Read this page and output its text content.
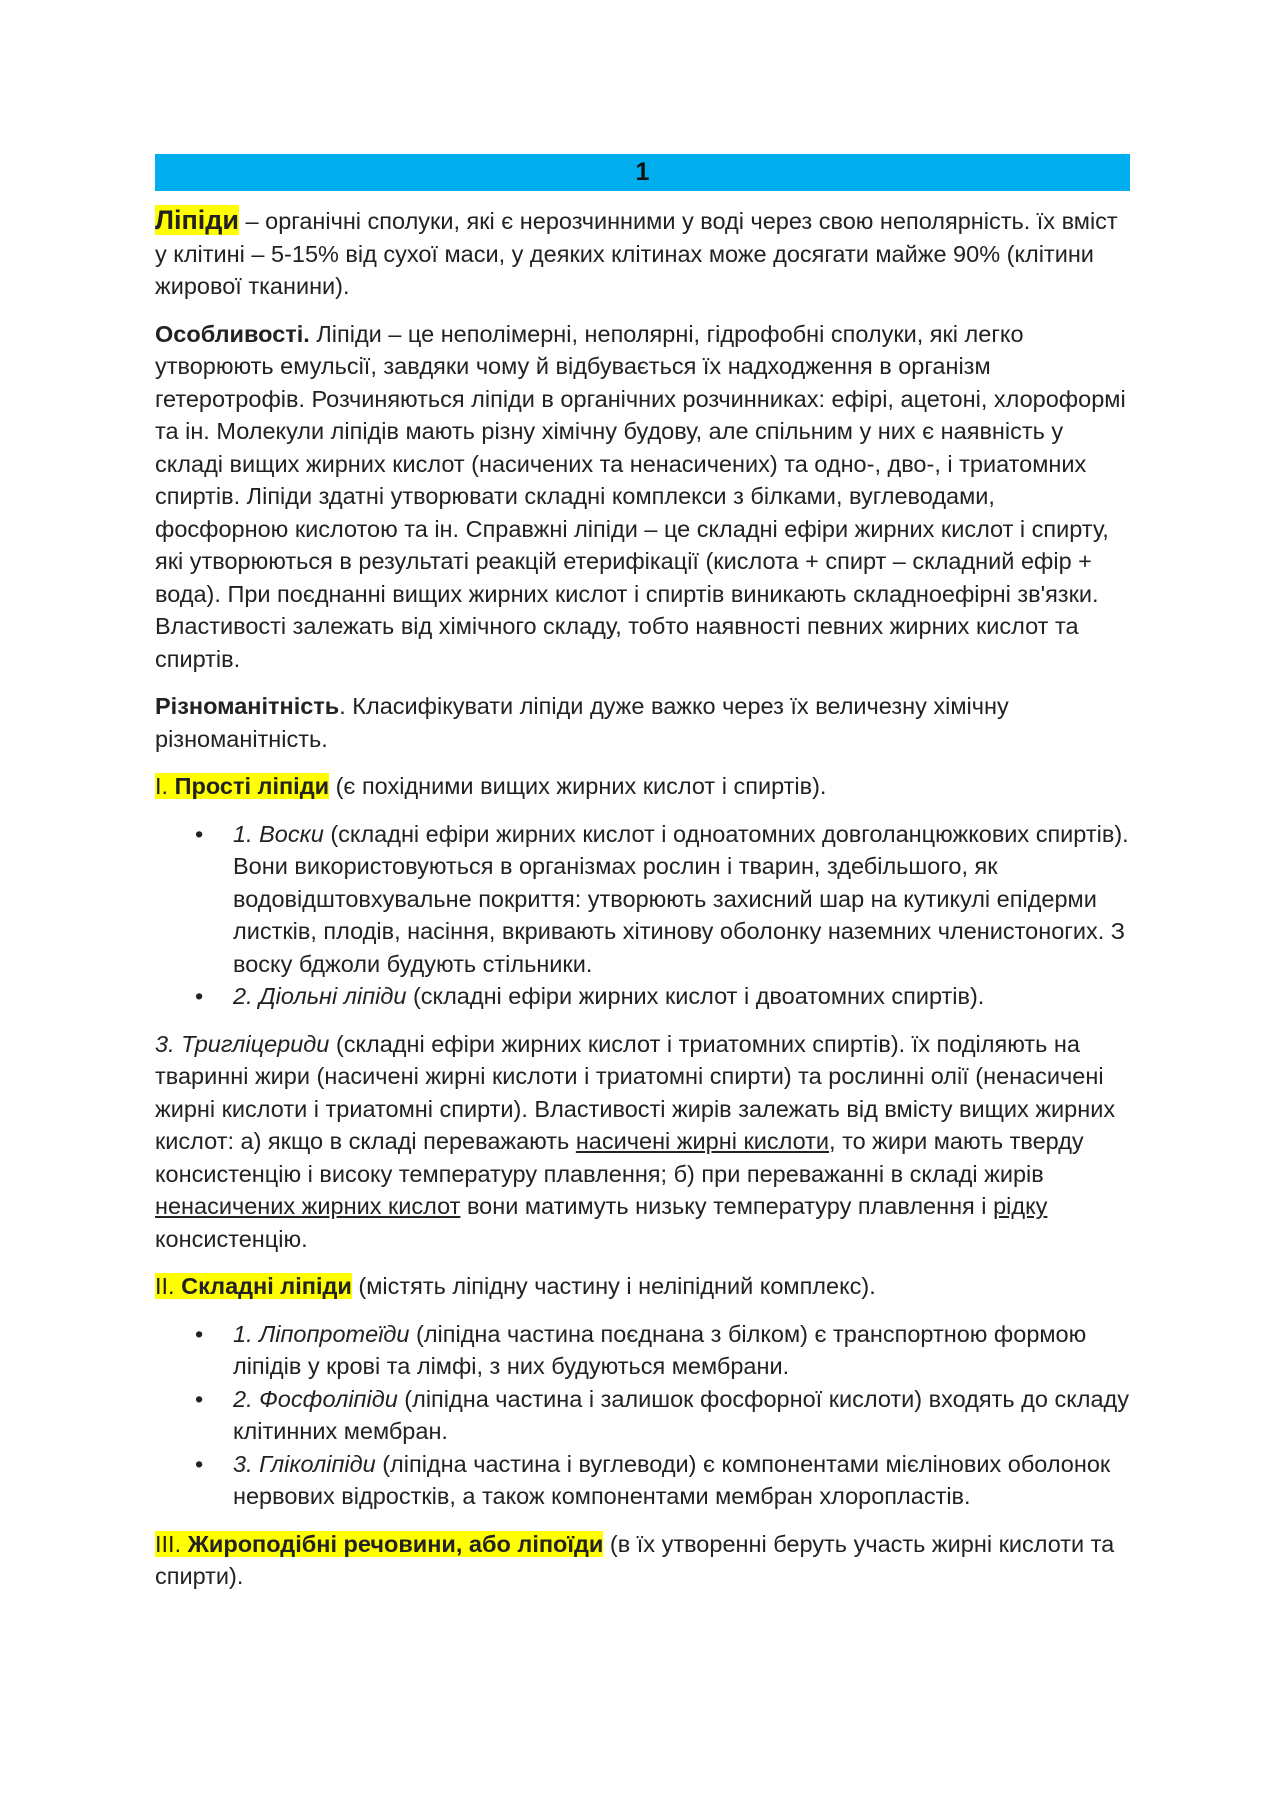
1

Ліпіди – органічні сполуки, які є нерозчинними у воді через свою неполярність. їх вміст у клітині – 5-15% від сухої маси, у деяких клітинах може досягати майже 90% (клітини жирової тканини).

Особливості. Ліпіди – це неполімерні, неполярні, гідрофобні сполуки, які легко утворюють емульсії, завдяки чому й відбувається їх надходження в організм гетеротрофів. Розчиняються ліпіди в органічних розчинниках: ефірі, ацетоні, хлороформі та ін. Молекули ліпідів мають різну хімічну будову, але спільним у них є наявність у складі вищих жирних кислот (насичених та ненасичених) та одно-, дво-, і триатомних спиртів. Ліпіди здатні утворювати складні комплекси з білками, вуглеводами, фосфорною кислотою та ін. Справжні ліпіди – це складні ефіри жирних кислот і спирту, які утворюються в результаті реакцій етерифікації (кислота + спирт – складний ефір + вода). При поєднанні вищих жирних кислот і спиртів виникають складноефірні зв'язки. Властивості залежать від хімічного складу, тобто наявності певних жирних кислот та спиртів.

Різноманітність. Класифікувати ліпіди дуже важко через їх величезну хімічну різноманітність.

I. Прості ліпіди (є похідними вищих жирних кислот і спиртів).

• 1. Воски (складні ефіри жирних кислот і одноатомних довголанцюжкових спиртів). Вони використовуються в організмах рослин і тварин, здебільшого, як водовідштовхувальне покриття: утворюють захисний шар на кутикулі епідерми листків, плодів, насіння, вкривають хітинову оболонку наземних членистоногих. З воску бджоли будують стільники.
• 2. Діольні ліпіди (складні ефіри жирних кислот і двоатомних спиртів).

3. Тригліцериди (складні ефіри жирних кислот і триатомних спиртів). їх поділяють на тваринні жири (насичені жирні кислоти і триатомні спирти) та рослинні олії (ненасичені жирні кислоти і триатомні спирти). Властивості жирів залежать від вмісту вищих жирних кислот: а) якщо в складі переважають насичені жирні кислоти, то жири мають тверду консистенцію і високу температуру плавлення; б) при переважанні в складі жирів ненасичених жирних кислот вони матимуть низьку температуру плавлення і рідку консистенцію.

II. Складні ліпіди (містять ліпідну частину і неліпідний комплекс).

• 1. Ліпопротеїди (ліпідна частина поєднана з білком) є транспортною формою ліпідів у крові та лімфі, з них будуються мембрани.
• 2. Фосфоліпіди (ліпідна частина і залишок фосфорної кислоти) входять до складу клітинних мембран.
• 3. Гліколіпіди (ліпідна частина і вуглеводи) є компонентами мієлінових оболонок нервових відростків, а також компонентами мембран хлоропластів.

III. Жироподібні речовини, або ліпоїди (в їх утворенні беруть участь жирні кислоти та спирти).
